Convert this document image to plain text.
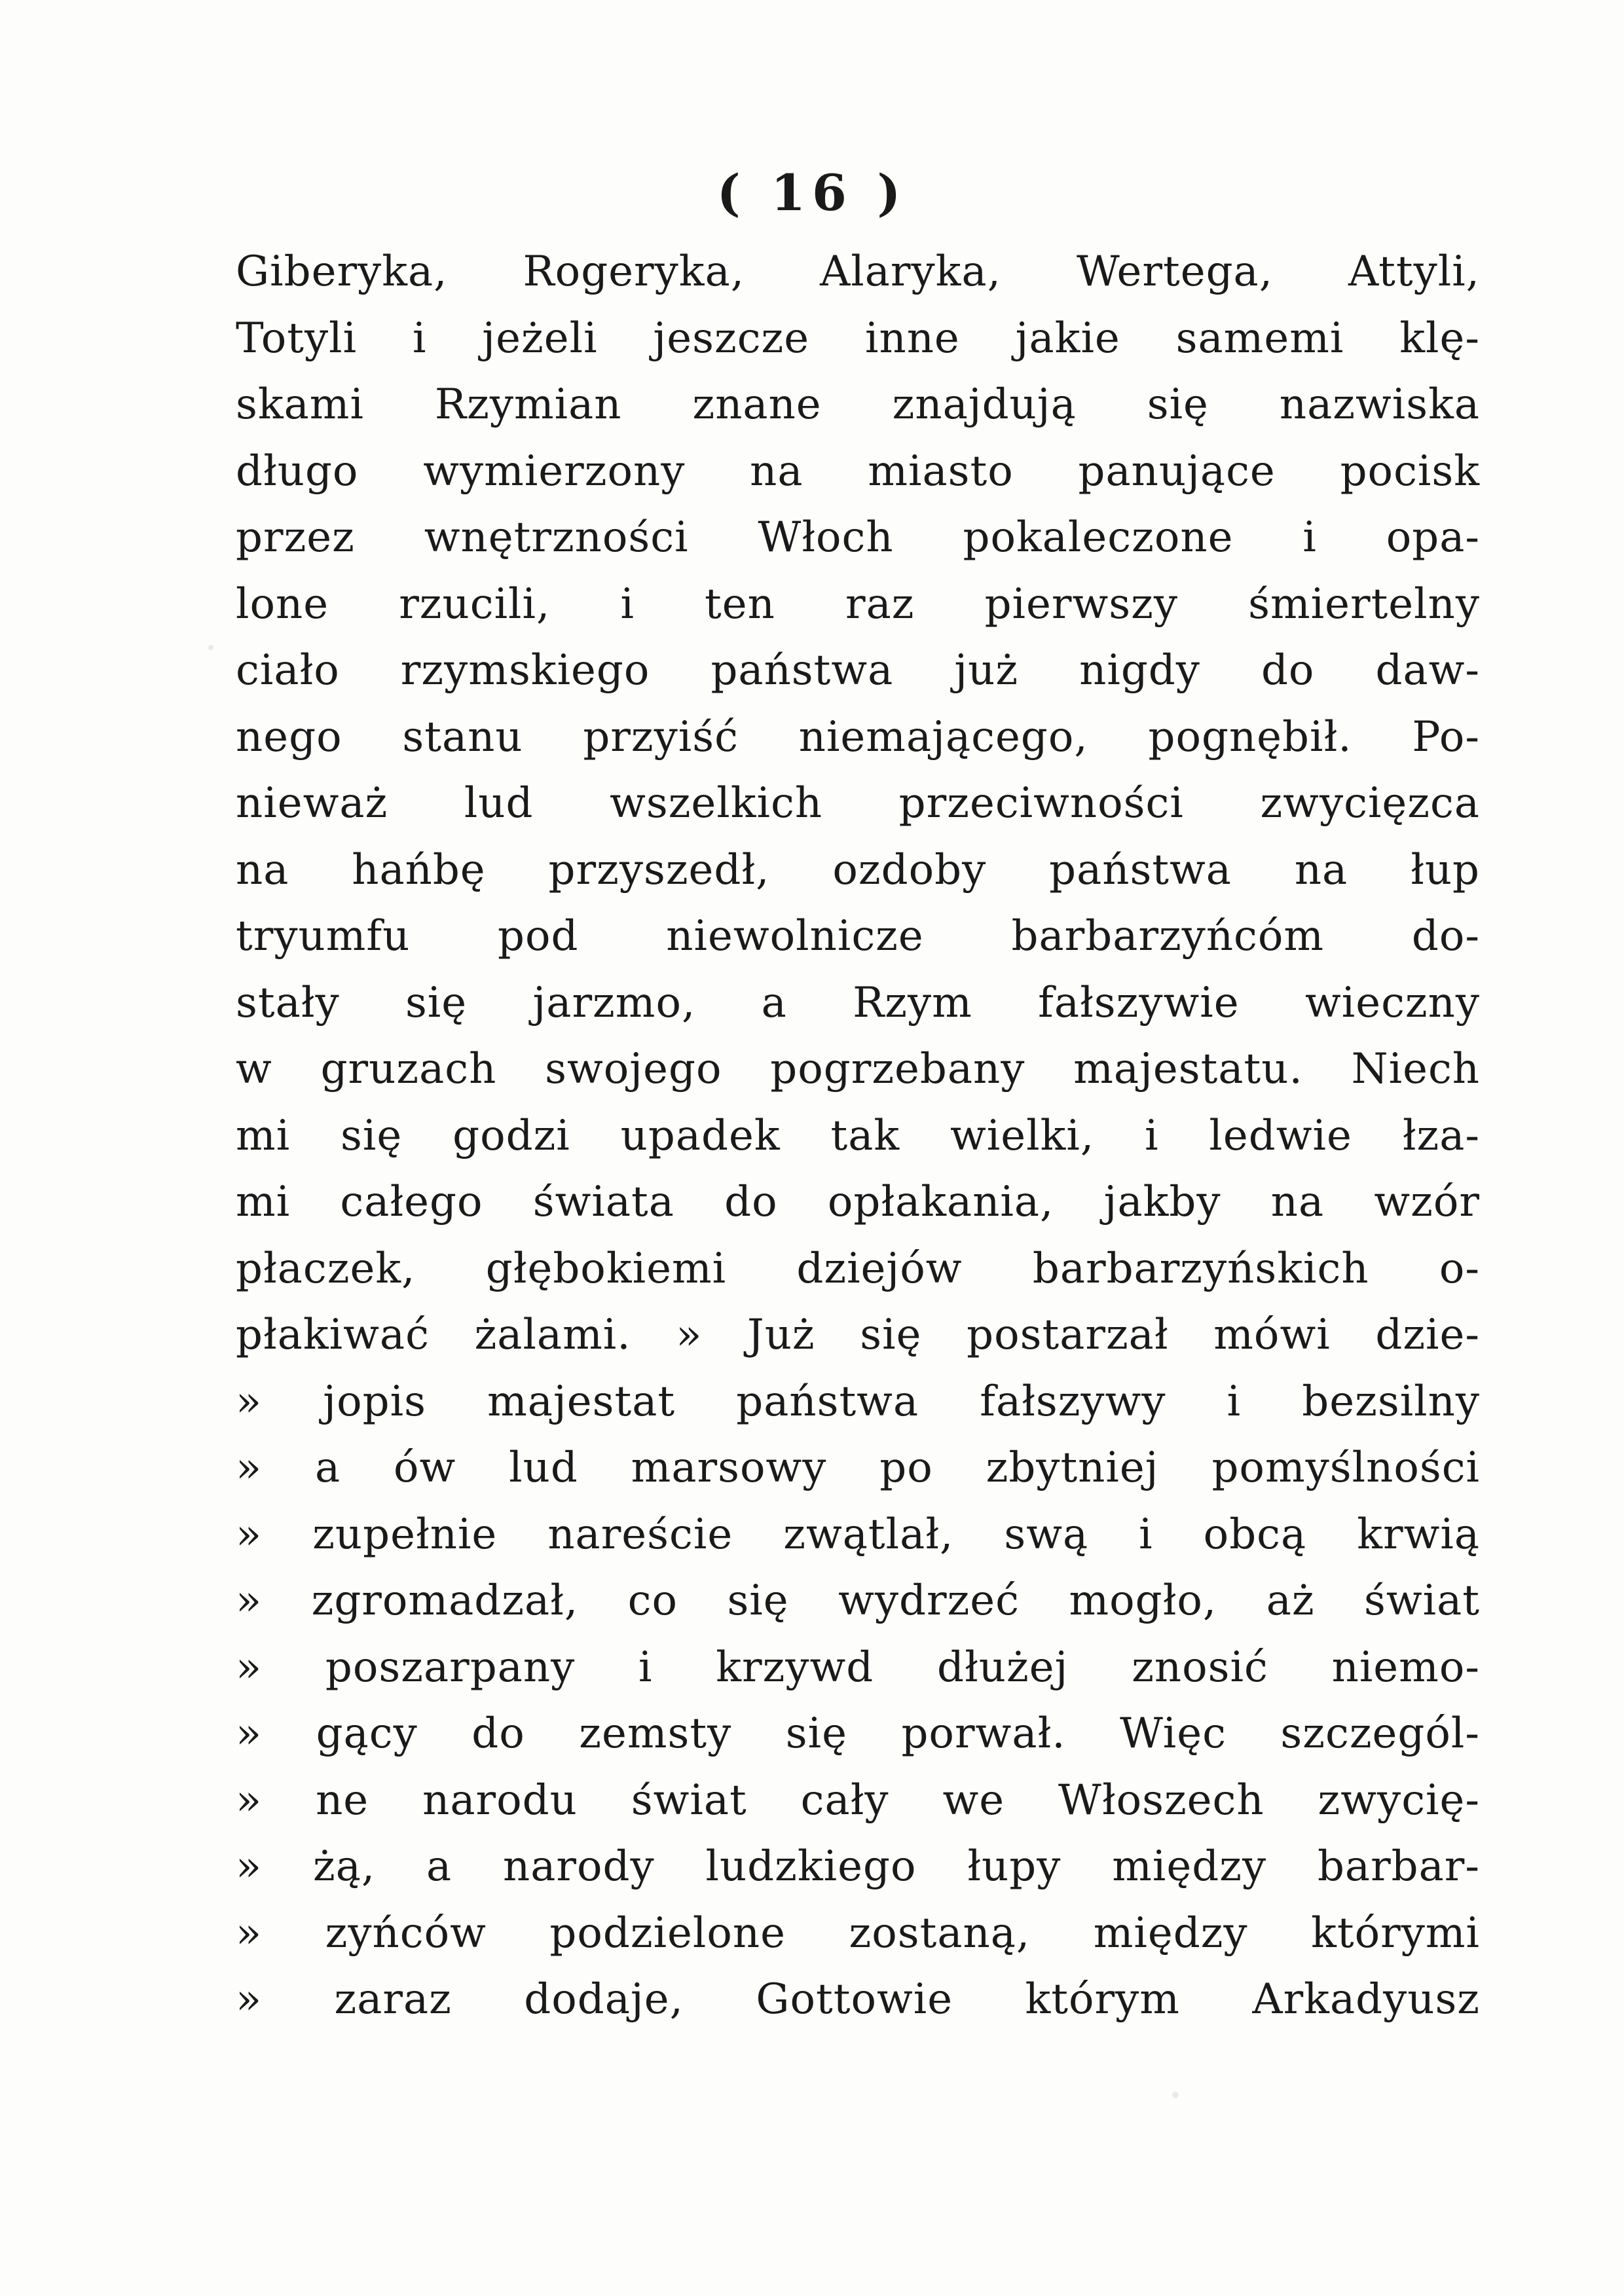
( 16 )
Giberyka, Rogeryka, Alaryka, Wertega, Attyli,
Totyli i jeżeli jeszcze inne jakie samemi klę-
skami Rzymian znane znajdują się nazwiska
długo wymierzony na miasto panujące pocisk
przez wnętrzności Włoch pokaleczone i opa-
lone rzucili, i ten raz pierwszy śmiertelny
ciało rzymskiego państwa już nigdy do daw-
nego stanu przyiść niemającego, pognębił. Po-
nieważ lud wszelkich przeciwności zwycięzca
na hańbę przyszedł, ozdoby państwa na łup
tryumfu pod niewolnicze barbarzyńcóm do-
stały się jarzmo, a Rzym fałszywie wieczny
w gruzach swojego pogrzebany majestatu. Niech
mi się godzi upadek tak wielki, i ledwie łza-
mi całego świata do opłakania, jakby na wzór
płaczek, głębokiemi dziejów barbarzyńskich o-
płakiwać żalami. » Już się postarzał mówi dzie-
» jopis majestat państwa fałszywy i bezsilny
» a ów lud marsowy po zbytniej pomyślności
» zupełnie nareście zwątlał, swą i obcą krwią
» zgromadzał, co się wydrzeć mogło, aż świat
» poszarpany i krzywd dłużej znosić niemo-
» gący do zemsty się porwał. Więc szczegól-
» ne narodu świat cały we Włoszech zwycię-
» żą, a narody ludzkiego łupy między barbar-
» zyńców podzielone zostaną, między którymi
» zaraz dodaje, Gottowie którym Arkadyusz
